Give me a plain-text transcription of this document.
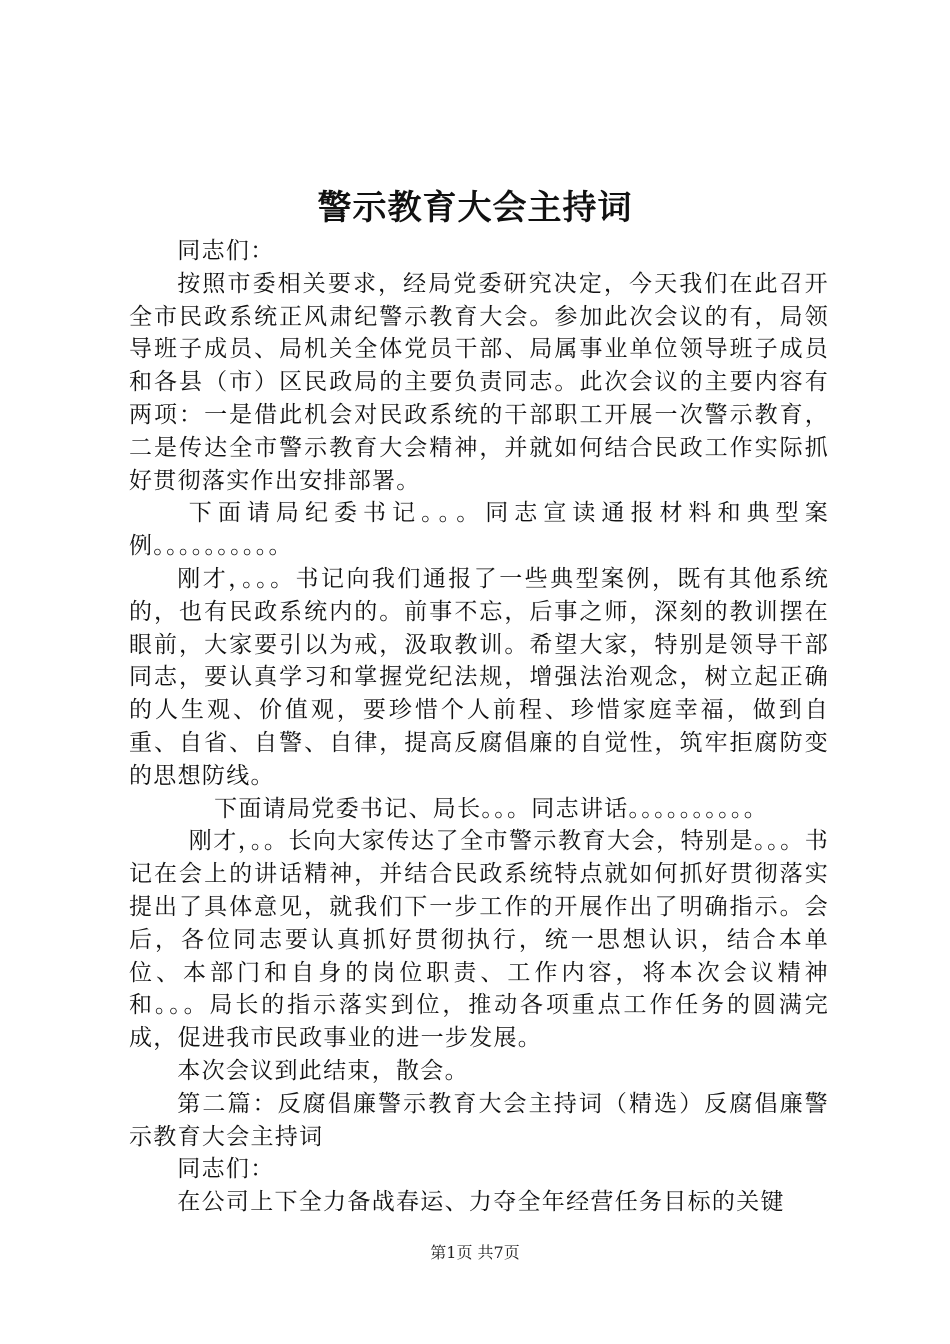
警示教育大会主持词

同志们：

按照市委相关要求，经局党委研究决定，今天我们在此召开全市民政系统正风肃纪警示教育大会。参加此次会议的有，局领导班子成员、局机关全体党员干部、局属事业单位领导班子成员和各县（市）区民政局的主要负责同志。此次会议的主要内容有两项：一是借此机会对民政系统的干部职工开展一次警示教育，二是传达全市警示教育大会精神，并就如何结合民政工作实际抓好贯彻落实作出安排部署。

下面请局纪委书记。。。同志宣读通报材料和典型案例。。。。。。。。。。

刚才，。。。书记向我们通报了一些典型案例，既有其他系统的，也有民政系统内的。前事不忘，后事之师，深刻的教训摆在眼前，大家要引以为戒，汲取教训。希望大家，特别是领导干部同志，要认真学习和掌握党纪法规，增强法治观念，树立起正确的人生观、价值观，要珍惜个人前程、珍惜家庭幸福，做到自重、自省、自警、自律，提高反腐倡廉的自觉性，筑牢拒腐防变的思想防线。

下面请局党委书记、局长。。。同志讲话。。。。。。。。。。

刚才，。。长向大家传达了全市警示教育大会，特别是。。。书记在会上的讲话精神，并结合民政系统特点就如何抓好贯彻落实提出了具体意见，就我们下一步工作的开展作出了明确指示。会后，各位同志要认真抓好贯彻执行，统一思想认识，结合本单位、本部门和自身的岗位职责、工作内容，将本次会议精神和。。。局长的指示落实到位，推动各项重点工作任务的圆满完成，促进我市民政事业的进一步发展。

本次会议到此结束，散会。

第二篇：反腐倡廉警示教育大会主持词（精选）反腐倡廉警示教育大会主持词

同志们：

在公司上下全力备战春运、力夺全年经营任务目标的关键

第1页 共7页
